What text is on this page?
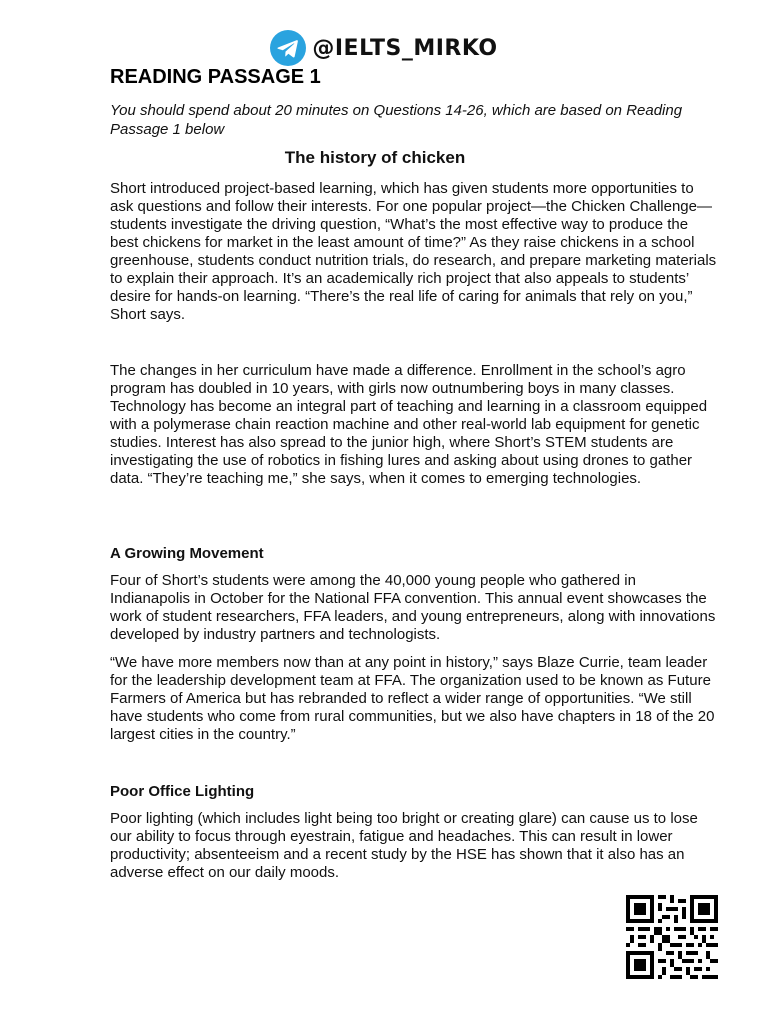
@IELTS_MIRKO
READING PASSAGE 1

You should spend about 20 minutes on Questions 14-26, which are based on Reading Passage 1 below

The history of chicken

Short introduced project-based learning, which has given students more opportunities to ask questions and follow their interests. For one popular project—the Chicken Challenge— students investigate the driving question, “What’s the most effective way to produce the best chickens for market in the least amount of time?” As they raise chickens in a school greenhouse, students conduct nutrition trials, do research, and prepare marketing materials to explain their approach. It’s an academically rich project that also appeals to students’ desire for hands-on learning. “There’s the real life of caring for animals that rely on you,” Short says.

The changes in her curriculum have made a difference. Enrollment in the school’s agro program has doubled in 10 years, with girls now outnumbering boys in many classes. Technology has become an integral part of teaching and learning in a classroom equipped with a polymerase chain reaction machine and other real-world lab equipment for genetic studies. Interest has also spread to the junior high, where Short’s STEM students are investigating the use of robotics in fishing lures and asking about using drones to gather data. “They’re teaching me,” she says, when it comes to emerging technologies.

A Growing Movement

Four of Short’s students were among the 40,000 young people who gathered in Indianapolis in October for the National FFA convention. This annual event showcases the work of student researchers, FFA leaders, and young entrepreneurs, along with innovations developed by industry partners and technologists.

“We have more members now than at any point in history,” says Blaze Currie, team leader for the leadership development team at FFA. The organization used to be known as Future Farmers of America but has rebranded to reflect a wider range of opportunities. “We still have students who come from rural communities, but we also have chapters in 18 of the 20 largest cities in the country.”

Poor Office Lighting

Poor lighting (which includes light being too bright or creating glare) can cause us to lose our ability to focus through eyestrain, fatigue and headaches. This can result in lower productivity; absenteeism and a recent study by the HSE has shown that it also has an adverse effect on our daily moods.
